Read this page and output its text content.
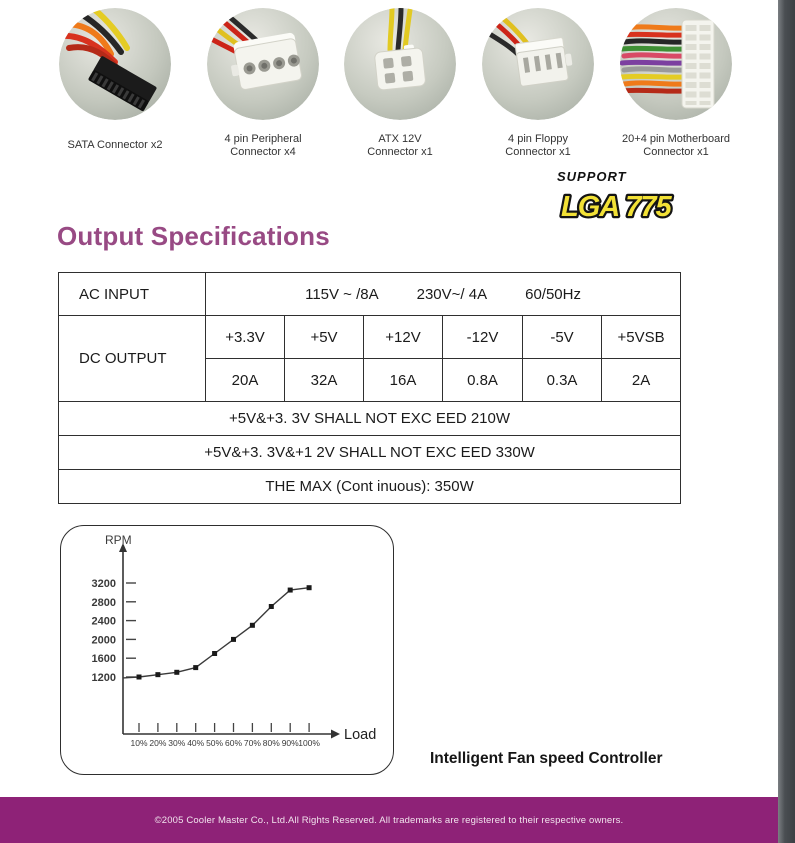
SATA Connector x2
4 pin Peripheral
Connector x4
ATX 12V
Connector x1
4 pin Floppy
Connector x1
20+4 pin Motherboard
Connector x1
SUPPORT
LGA 775
Output Specifications
AC INPUT	115V ~ /8A 230V~/ 4A 60/50Hz					
DC OUTPUT	+3.3V	+5V	+12V	-12V	-5V	+5VSB
	20A	32A	16A	0.8A	0.3A	2A
+5V&+3. 3V SHALL NOT EXC EED 210W						
+5V&+3. 3V&+1 2V SHALL NOT EXC EED 330W						
THE MAX (Cont inuous): 350W						
RPM
Load
1200
1600
2000
2400
2800
3200
10% 20% 30% 40% 50% 60% 70% 80% 90% 100%
Intelligent Fan speed Controller
©2005 Cooler Master Co., Ltd.All Rights Reserved. All trademarks are registered to their respective owners.
